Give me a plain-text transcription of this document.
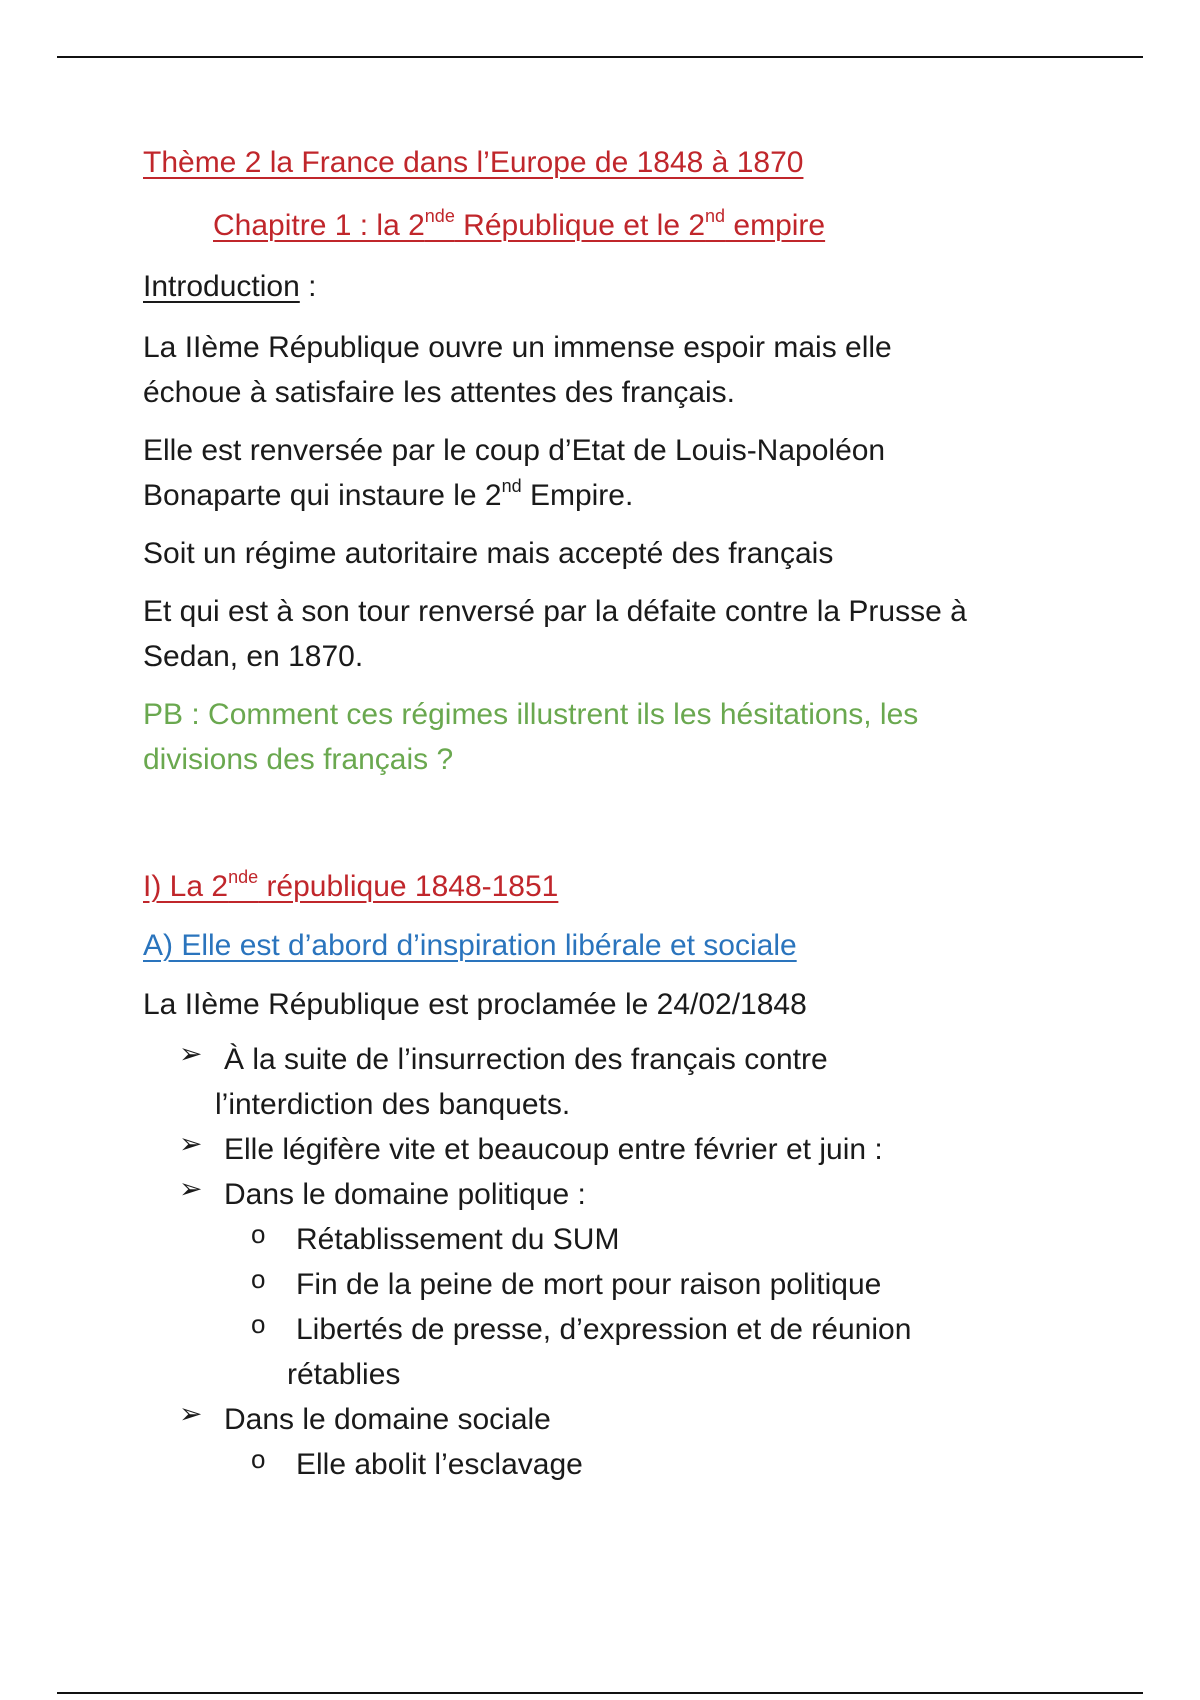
Thème 2 la France dans l’Europe de 1848 à 1870
Chapitre 1 : la 2nde République et le 2nd empire
Introduction :
La IIème République ouvre un immense espoir mais elle
échoue à satisfaire les attentes des français.
Elle est renversée par le coup d’Etat de Louis-Napoléon
Bonaparte qui instaure le 2nd Empire.
Soit un régime autoritaire mais accepté des français
Et qui est à son tour renversé par la défaite contre la Prusse à
Sedan, en 1870.
PB : Comment ces régimes illustrent ils les hésitations, les
divisions des français ?
I) La 2nde république 1848-1851
A) Elle est d’abord d’inspiration libérale et sociale
La IIème République est proclamée le 24/02/1848
➢ À la suite de l’insurrection des français contre
l’interdiction des banquets.
➢ Elle légifère vite et beaucoup entre février et juin :
➢ Dans le domaine politique :
o Rétablissement du SUM
o Fin de la peine de mort pour raison politique
o Libertés de presse, d’expression et de réunion
rétablies
➢ Dans le domaine sociale
o Elle abolit l’esclavage
